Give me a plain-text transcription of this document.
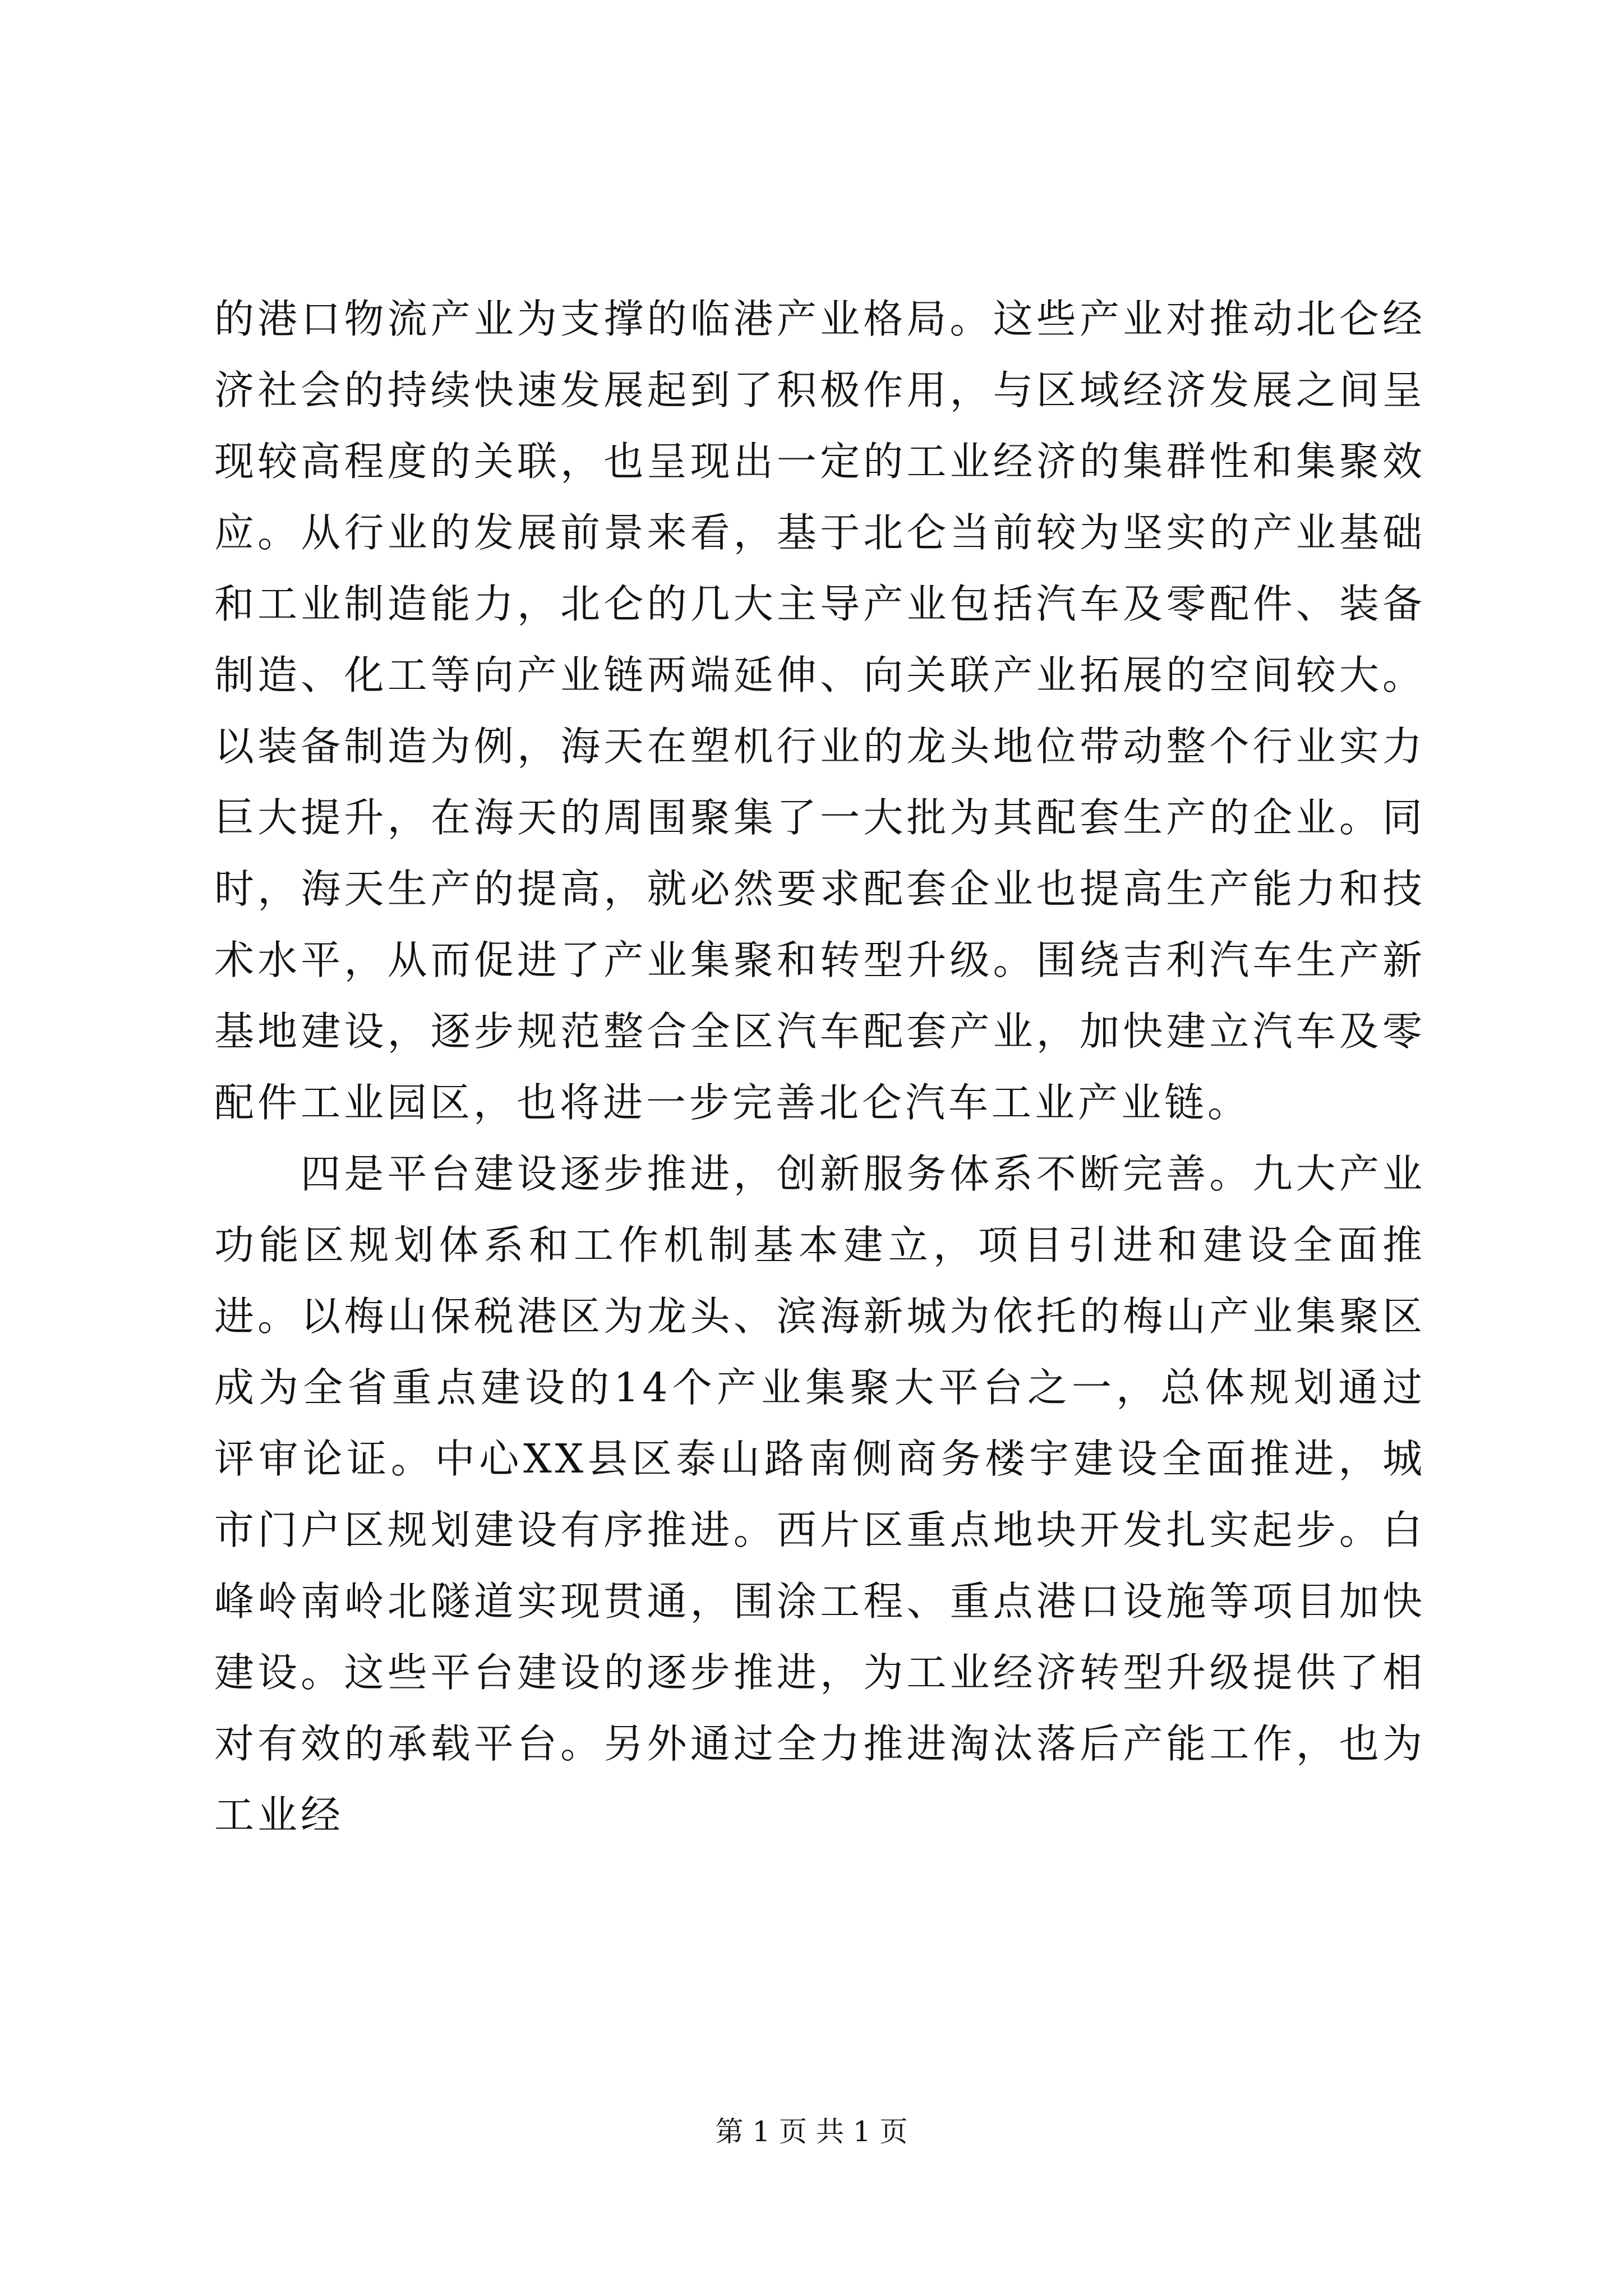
的港口物流产业为支撑的临港产业格局。这些产业对推动北仑经济社会的持续快速发展起到了积极作用，与区域经济发展之间呈现较高程度的关联，也呈现出一定的工业经济的集群性和集聚效应。从行业的发展前景来看，基于北仑当前较为坚实的产业基础和工业制造能力，北仑的几大主导产业包括汽车及零配件、装备制造、化工等向产业链两端延伸、向关联产业拓展的空间较大。以装备制造为例，海天在塑机行业的龙头地位带动整个行业实力巨大提升，在海天的周围聚集了一大批为其配套生产的企业。同时，海天生产的提高，就必然要求配套企业也提高生产能力和技术水平，从而促进了产业集聚和转型升级。围绕吉利汽车生产新基地建设，逐步规范整合全区汽车配套产业，加快建立汽车及零配件工业园区，也将进一步完善北仑汽车工业产业链。

四是平台建设逐步推进，创新服务体系不断完善。九大产业功能区规划体系和工作机制基本建立，项目引进和建设全面推进。以梅山保税港区为龙头、滨海新城为依托的梅山产业集聚区成为全省重点建设的14个产业集聚大平台之一，总体规划通过评审论证。中心XX县区泰山路南侧商务楼宇建设全面推进，城市门户区规划建设有序推进。西片区重点地块开发扎实起步。白峰岭南岭北隧道实现贯通，围涂工程、重点港口设施等项目加快建设。这些平台建设的逐步推进，为工业经济转型升级提供了相对有效的承载平台。另外通过全力推进淘汰落后产能工作，也为工业经

第 1 页 共 1 页
